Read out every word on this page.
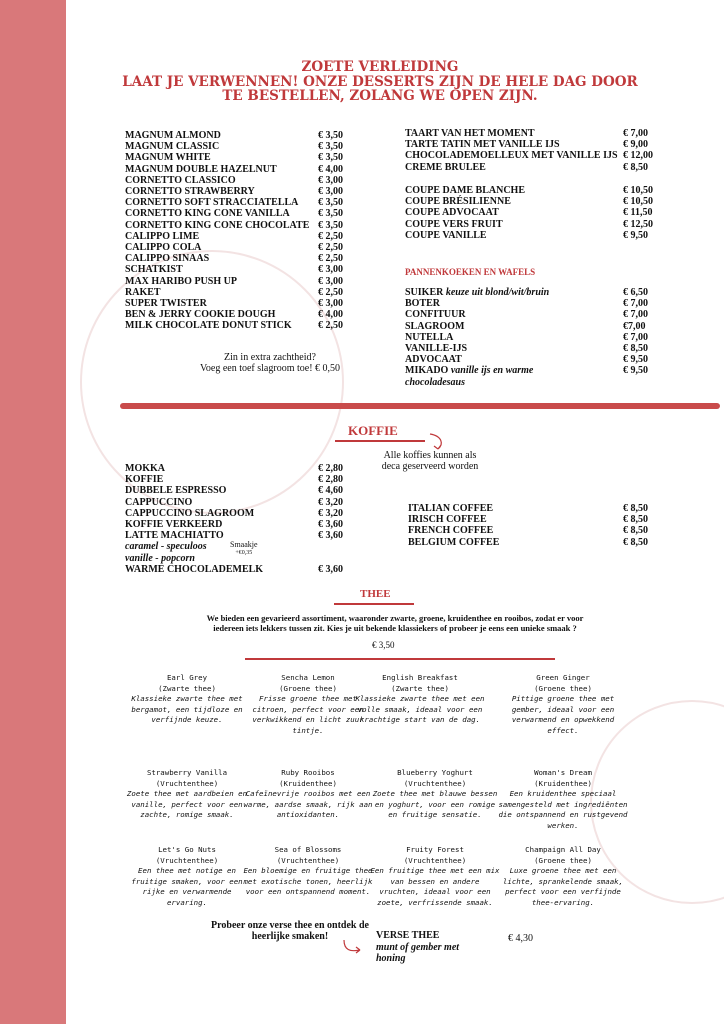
ZOETE VERLEIDING
LAAT JE VERWENNEN! ONZE DESSERTS ZIJN DE HELE DAG DOOR
TE BESTELLEN, ZOLANG WE OPEN ZIJN.
MAGNUM ALMOND	€ 3,50
MAGNUM CLASSIC	€ 3,50
MAGNUM WHITE	€ 3,50
MAGNUM DOUBLE HAZELNUT	€ 4,00
CORNETTO CLASSICO	€ 3,00
CORNETTO STRAWBERRY	€ 3,00
CORNETTO SOFT STRACCIATELLA € 3,50
CORNETTO KING CONE VANILLA	€ 3,50
CORNETTO KING CONE CHOCOLATE € 3,50
CALIPPO LIME	€ 2,50
CALIPPO COLA	€ 2,50
CALIPPO SINAAS	€ 2,50
SCHATKIST	€ 3,00
MAX HARIBO PUSH UP	€ 3,00
RAKET	€ 2,50
SUPER TWISTER	€ 3,00
BEN & JERRY COOKIE DOUGH	€ 4,00
MILK CHOCOLATE DONUT STICK	€ 2,50
Zin in extra zachtheid?
Voeg een toef slagroom toe! € 0,50
TAART VAN HET MOMENT	€ 7,00
TARTE TATIN MET VANILLE IJS	€ 9,00
CHOCOLADEMOELLEUX MET VANILLE IJS € 12,00
CREME BRULEE	€ 8,50
COUPE DAME BLANCHE	€ 10,50
COUPE BRÉSILIENNE	€ 10,50
COUPE ADVOCAAT	€ 11,50
COUPE VERS FRUIT	€ 12,50
COUPE VANILLE	€ 9,50
PANNENKOEKEN EN WAFELS
SUIKER keuze uit blond/wit/bruin	€ 6,50
BOTER	€ 7,00
CONFITUUR	€ 7,00
SLAGROOM	€7,00
NUTELLA	€ 7,00
VANILLE-IJS	€ 8,50
ADVOCAAT	€ 9,50
MIKADO vanille ijs en warme	€ 9,50
chocoladesaus
KOFFIE
Alle koffies kunnen als deca geserveerd worden
MOKKA	€ 2,80
KOFFIE	€ 2,80
DUBBELE ESPRESSO	€ 4,60
CAPPUCCINO	€ 3,20
CAPPUCCINO SLAGROOM	€ 3,20
KOFFIE VERKEERD	€ 3,60
LATTE MACHIATTO	€ 3,60
caramel - speculoos
vanille - popcorn
Smaakje
+€0,35
WARME CHOCOLADEMELK	€ 3,60
ITALIAN COFFEE	€ 8,50
IRISCH COFFEE	€ 8,50
FRENCH COFFEE	€ 8,50
BELGIUM COFFEE	€ 8,50
THEE
We bieden een gevarieerd assortiment, waaronder zwarte, groene, kruidenthee en rooibos, zodat er voor iedereen iets lekkers tussen zit. Kies je uit bekende klassiekers of probeer je eens een unieke smaak ?
€ 3,50
Earl Grey
(Zwarte thee)
Klassieke zwarte thee met bergamot, een tijdloze en verfijnde keuze.
Sencha Lemon
(Groene thee)
Frisse groene thee met citroen, perfect voor een verkwikkend en licht zuur tintje.
English Breakfast
(Zwarte thee)
Klassieke zwarte thee met een volle smaak, ideaal voor een krachtige start van de dag.
Green Ginger
(Groene thee)
Pittige groene thee met gember, ideaal voor een verwarmend en opwekkend effect.
Strawberry Vanilla
(Vruchtenthee)
Zoete thee met aardbeien en vanille, perfect voor een zachte, romige smaak.
Ruby Rooibos
(Kruidenthee)
Cafeïnevrije rooibos met een warme, aardse smaak, rijk aan antioxidanten.
Blueberry Yoghurt
(Vruchtenthee)
Zoete thee met blauwe bessen en yoghurt, voor een romige en fruitige sensatie.
Woman's Dream
(Kruidenthee)
Een kruidenthee speciaal samengesteld met ingrediënten die ontspannend en rustgevend werken.
Let's Go Nuts
(Vruchtenthee)
Een thee met notige en fruitige smaken, voor een rijke en verwarmende ervaring.
Sea of Blossoms
(Vruchtenthee)
Een bloemige en fruitige thee met exotische tonen, heerlijk voor een ontspannend moment.
Fruity Forest
(Vruchtenthee)
Een fruitige thee met een mix van bessen en andere vruchten, ideaal voor een zoete, verfrissende smaak.
Champaign All Day
(Groene thee)
Luxe groene thee met een lichte, sprankelende smaak, perfect voor een verfijnde thee-ervaring.
Probeer onze verse thee en ontdek de heerlijke smaken!	VERSE THEE
munt of gember met
honing
€ 4,30
